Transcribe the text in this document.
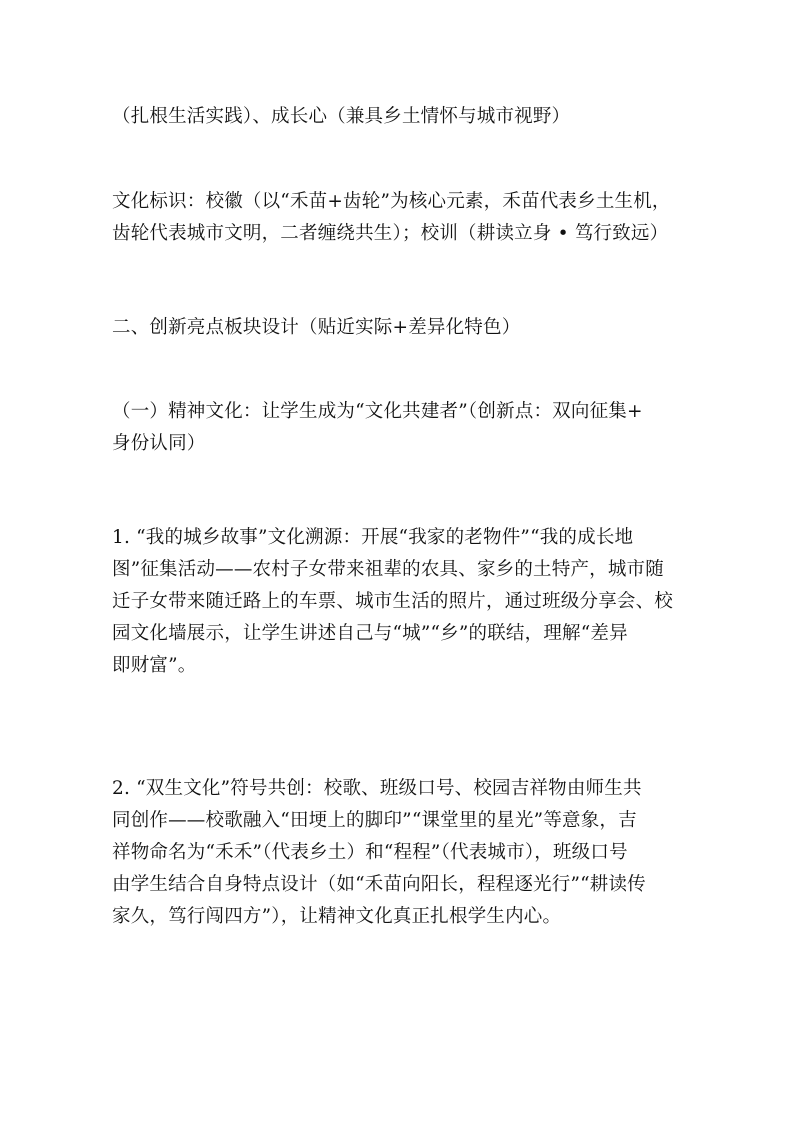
（扎根生活实践）、成长心（兼具乡土情怀与城市视野）

文化标识：校徽（以“禾苗+齿轮”为核心元素，禾苗代表乡土生机，
齿轮代表城市文明，二者缠绕共生）；校训（耕读立身 • 笃行致远）

二、创新亮点板块设计（贴近实际+差异化特色）

（一）精神文化：让学生成为“文化共建者”（创新点：双向征集+
身份认同）

1. “我的城乡故事”文化溯源：开展“我家的老物件”“我的成长地
图”征集活动——农村子女带来祖辈的农具、家乡的土特产，城市随
迁子女带来随迁路上的车票、城市生活的照片，通过班级分享会、校
园文化墙展示，让学生讲述自己与“城”“乡”的联结，理解“差异
即财富”。

2. “双生文化”符号共创：校歌、班级口号、校园吉祥物由师生共
同创作——校歌融入“田埂上的脚印”“课堂里的星光”等意象，吉
祥物命名为“禾禾”（代表乡土）和“程程”（代表城市），班级口号
由学生结合自身特点设计（如“禾苗向阳长，程程逐光行”“耕读传
家久，笃行闯四方”），让精神文化真正扎根学生内心。
